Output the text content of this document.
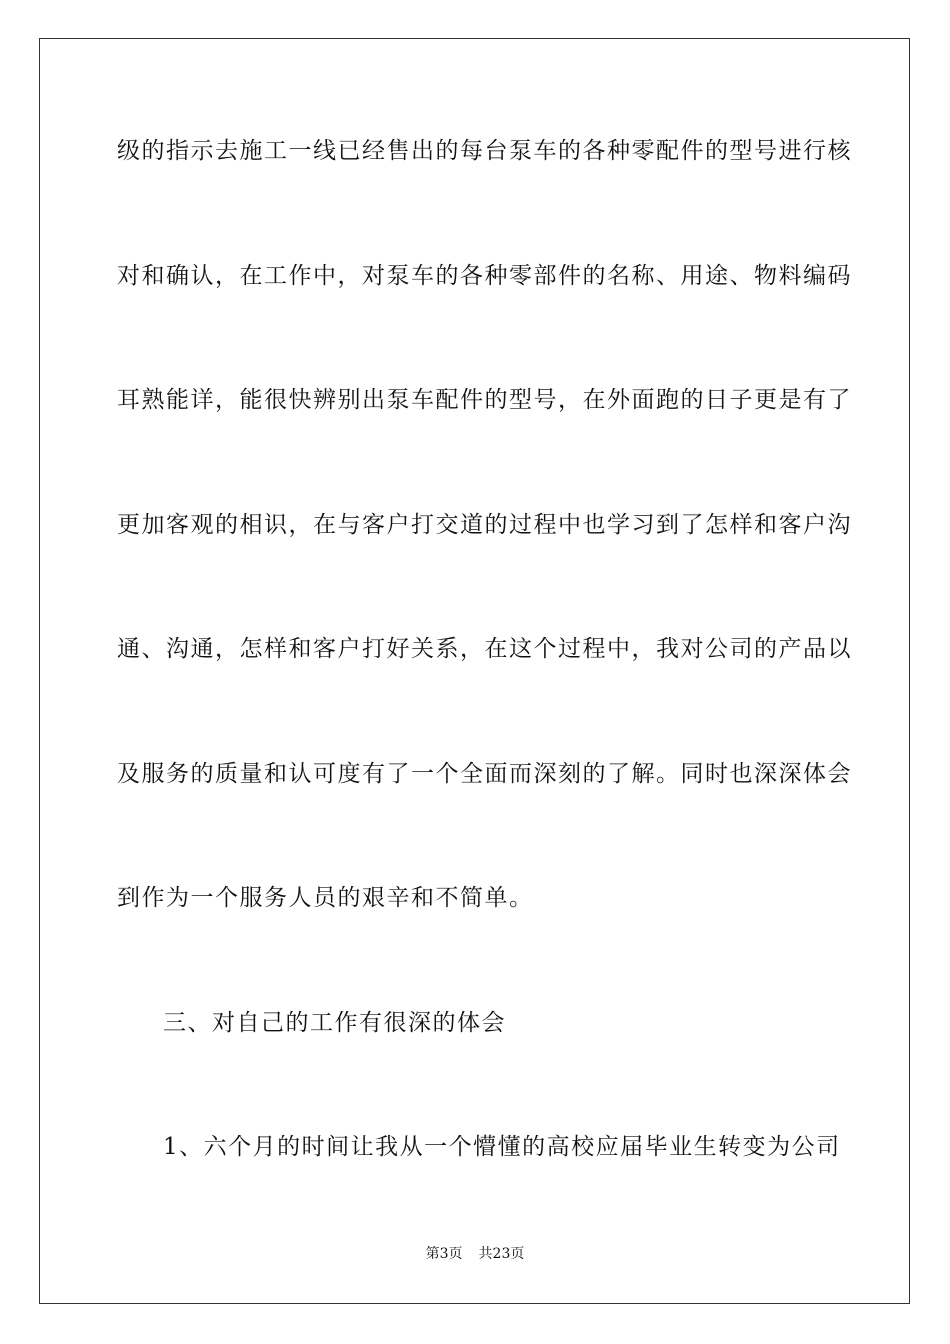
级的指示去施工一线已经售出的每台泵车的各种零配件的型号进行核
对和确认，在工作中，对泵车的各种零部件的名称、用途、物料编码
耳熟能详，能很快辨别出泵车配件的型号，在外面跑的日子更是有了
更加客观的相识，在与客户打交道的过程中也学习到了怎样和客户沟
通、沟通，怎样和客户打好关系，在这个过程中，我对公司的产品以
及服务的质量和认可度有了一个全面而深刻的了解。同时也深深体会
到作为一个服务人员的艰辛和不简单。
三、对自己的工作有很深的体会
1、六个月的时间让我从一个懵懂的高校应届毕业生转变为公司
第3页 共23页
